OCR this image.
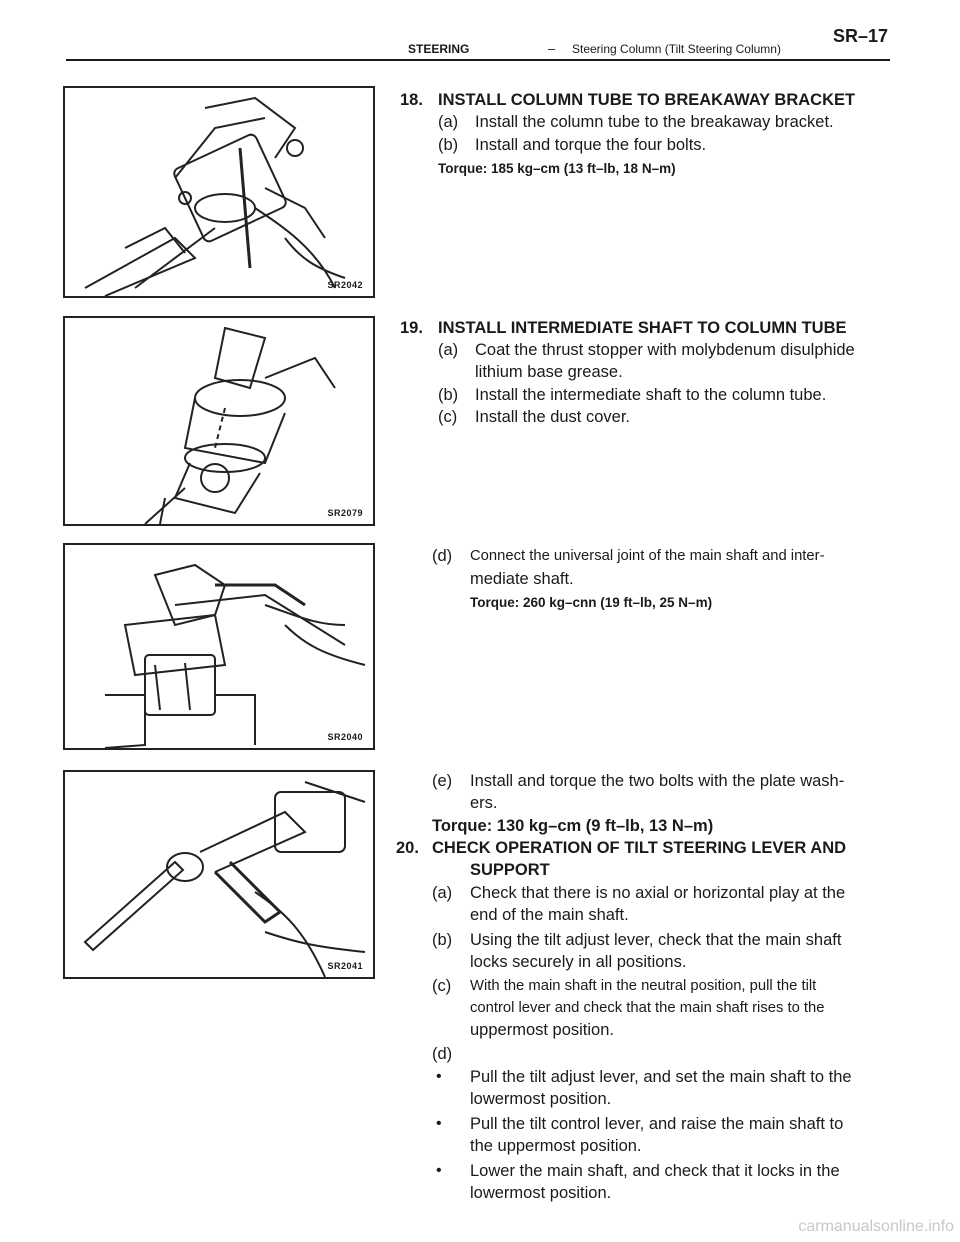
STEERING	– Steering Column (Tilt Steering Column)
SR–17
SR2042
SR2079
SR2040
SR2041
18. INSTALL COLUMN TUBE TO BREAKAWAY BRACKET
(a) Install the column tube to the breakaway bracket.
(b) Install and torque the four bolts.
Torque: 185 kg–cm (13 ft–lb, 18 N–m)
19. INSTALL INTERMEDIATE SHAFT TO COLUMN TUBE
(a) Coat the thrust stopper with molybdenum disulphide
lithium base grease.
(b) Install the intermediate shaft to the column tube.
(c) Install the dust cover.
(d) Connect the universal joint of the main shaft and inter-
mediate shaft.
Torque: 260 kg–cnn (19 ft–lb, 25 N–m)
(e) Install and torque the two bolts with the plate wash-
ers.
Torque: 130 kg–cm (9 ft–lb, 13 N–m)
20. CHECK OPERATION OF TILT STEERING LEVER AND
SUPPORT
(a) Check that there is no axial or horizontal play at the
end of the main shaft.
(b) Using the tilt adjust lever, check that the main shaft
locks securely in all positions.
(c) With the main shaft in the neutral position, pull the tilt
control lever and check that the main shaft rises to the
uppermost position.
(d)
• Pull the tilt adjust lever, and set the main shaft to the
lowermost position.
• Pull the tilt control lever, and raise the main shaft to
the uppermost position.
• Lower the main shaft, and check that it locks in the
lowermost position.
carmanualsonline.info
